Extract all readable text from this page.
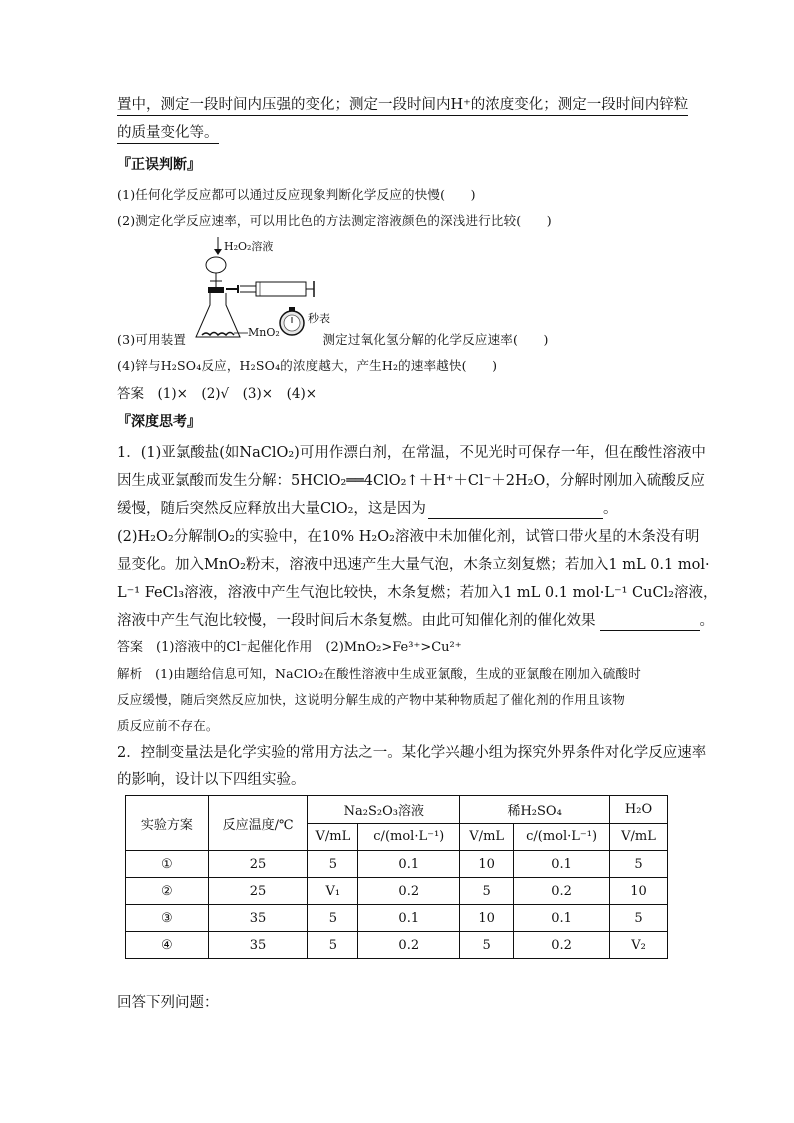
置中，测定一段时间内压强的变化；测定一段时间内H⁺的浓度变化；测定一段时间内锌粒
的质量变化等。
『正误判断』
(1)任何化学反应都可以通过反应现象判断化学反应的快慢(　　)
(2)测定化学反应速率，可以用比色的方法测定溶液颜色的深浅进行比较(　　)
H₂O₂溶液
MnO₂
秒表
(3)可用装置	测定过氧化氢分解的化学反应速率(　　)
(4)锌与H₂SO₄反应，H₂SO₄的浓度越大，产生H₂的速率越快(　　)
答案　(1)×　(2)√　(3)×　(4)×
『深度思考』
1．(1)亚氯酸盐(如NaClO₂)可用作漂白剂，在常温，不见光时可保存一年，但在酸性溶液中
因生成亚氯酸而发生分解：5HClO₂══4ClO₂↑＋H⁺＋Cl⁻＋2H₂O，分解时刚加入硫酸反应
缓慢，随后突然反应释放出大量ClO₂，这是因为	。
(2)H₂O₂分解制O₂的实验中，在10% H₂O₂溶液中未加催化剂，试管口带火星的木条没有明
显变化。加入MnO₂粉末，溶液中迅速产生大量气泡，木条立刻复燃；若加入1 mL 0.1 mol·
L⁻¹ FeCl₃溶液，溶液中产生气泡比较快，木条复燃；若加入1 mL 0.1 mol·L⁻¹ CuCl₂溶液，
溶液中产生气泡比较慢，一段时间后木条复燃。由此可知催化剂的催化效果	。
答案　(1)溶液中的Cl⁻起催化作用　(2)MnO₂>Fe³⁺>Cu²⁺
解析　(1)由题给信息可知，NaClO₂在酸性溶液中生成亚氯酸，生成的亚氯酸在刚加入硫酸时
反应缓慢，随后突然反应加快，这说明分解生成的产物中某种物质起了催化剂的作用且该物
质反应前不存在。
2．控制变量法是化学实验的常用方法之一。某化学兴趣小组为探究外界条件对化学反应速率
的影响，设计以下四组实验。
实验方案	反应温度/℃	Na₂S₂O₃溶液		稀H₂SO₄		H₂O
		V/mL	c/(mol·L⁻¹)	V/mL	c/(mol·L⁻¹)	V/mL
①	25	5	0.1	10	0.1	5
②	25	V₁	0.2	5	0.2	10
③	35	5	0.1	10	0.1	5
④	35	5	0.2	5	0.2	V₂
回答下列问题：
